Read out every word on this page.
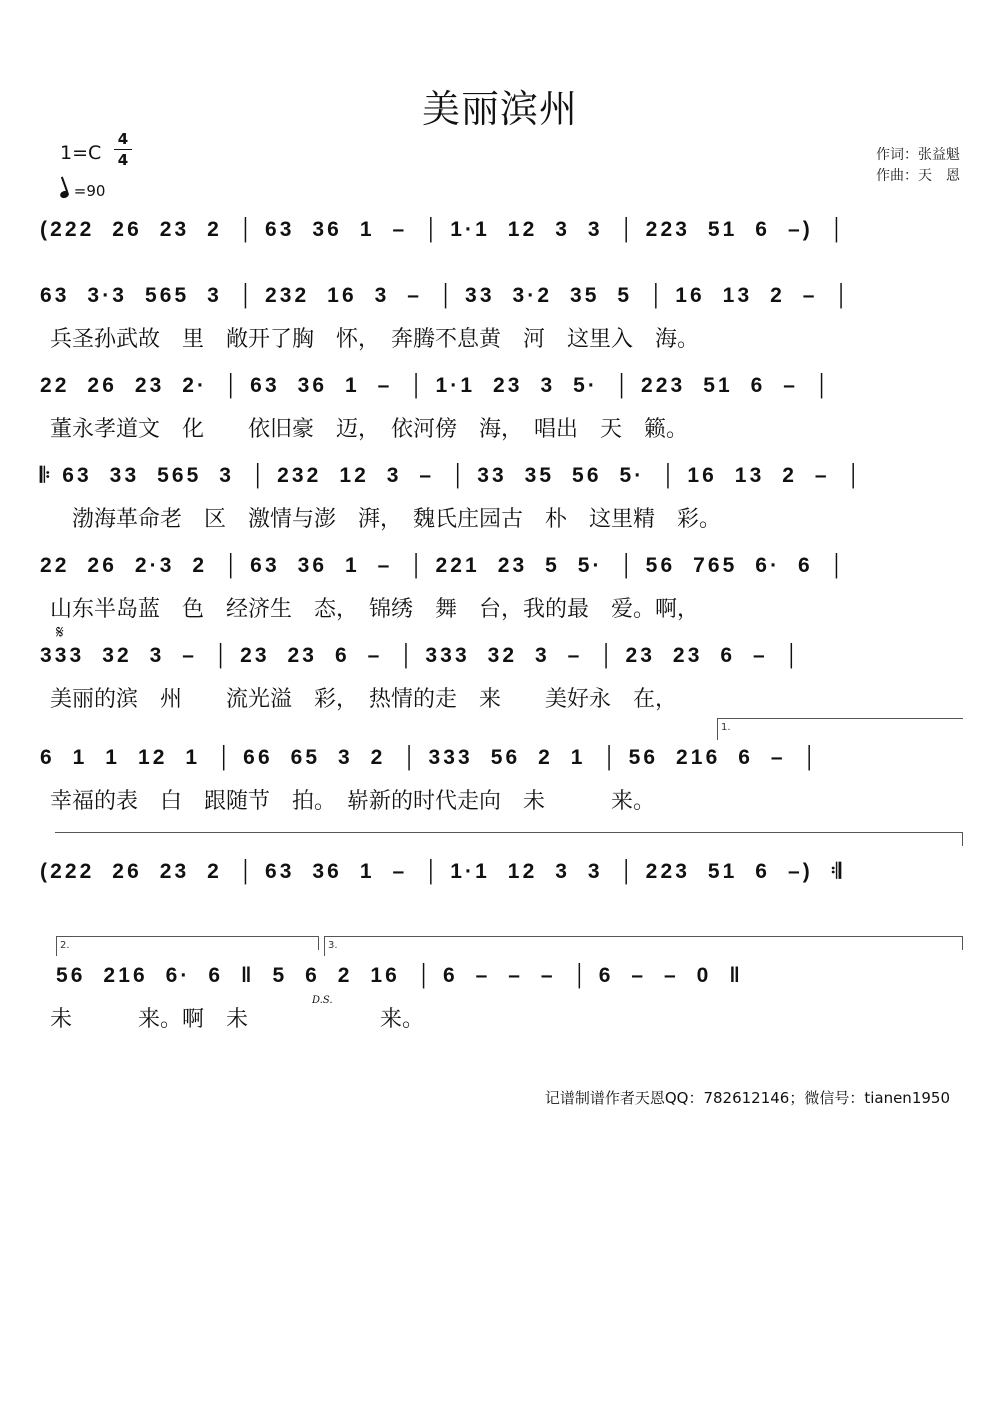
美丽滨州
1=C
4
4
=90
作词：张益魁
作曲：天　恩
(222  26  23  2  │ 63  36  1  –  │ 1·1  12  3  3  │ 223  51  6  –)  │
63  3·3  565  3  │ 232  16  3  –  │ 33  3·2  35  5  │ 16  13  2  –  │
兵圣孙武故　里　敞开了胸　怀，　奔腾不息黄　河　这里入　海。
22  26  23  2·  │ 63  36  1  –  │ 1·1  23  3  5·  │ 223  51  6  –  │
董永孝道文　化　　依旧豪　迈，　依河傍　海，　唱出　天　籁。
𝄆 63  33  565  3  │ 232  12  3  –  │ 33  35  56  5·  │ 16  13  2  –  │
　渤海革命老　区　激情与澎　湃，　魏氏庄园古　朴　这里精　彩。
22  26  2·3  2  │ 63  36  1  –  │ 221  23  5  5·  │ 56  765  6·  6  │
山东半岛蓝　色　经济生　态，　锦绣　舞　台，我的最　爱。啊，
𝄋
333  32  3  –  │ 23  23  6  –  │ 333  32  3  –  │ 23  23  6  –  │
美丽的滨　州　　流光溢　彩，　热情的走　来　　美好永　在，
1.
6  1  1  12  1  │ 66  65  3  2  │ 333  56  2  1  │ 56  216  6  –  │
幸福的表　白　跟随节　拍。　崭新的时代走向　未　　　来。
(222  26  23  2  │ 63  36  1  –  │ 1·1  12  3  3  │ 223  51  6  –)  𝄇
2.	3.
56  216  6·  6  ‖  5  6  2  16  │ 6  –  –  –  │ 6  –  –  0  ‖
未　　　来。啊　未　　　　　　来。
D.S.
记谱制谱作者天恩QQ：782612146；微信号：tianen1950
